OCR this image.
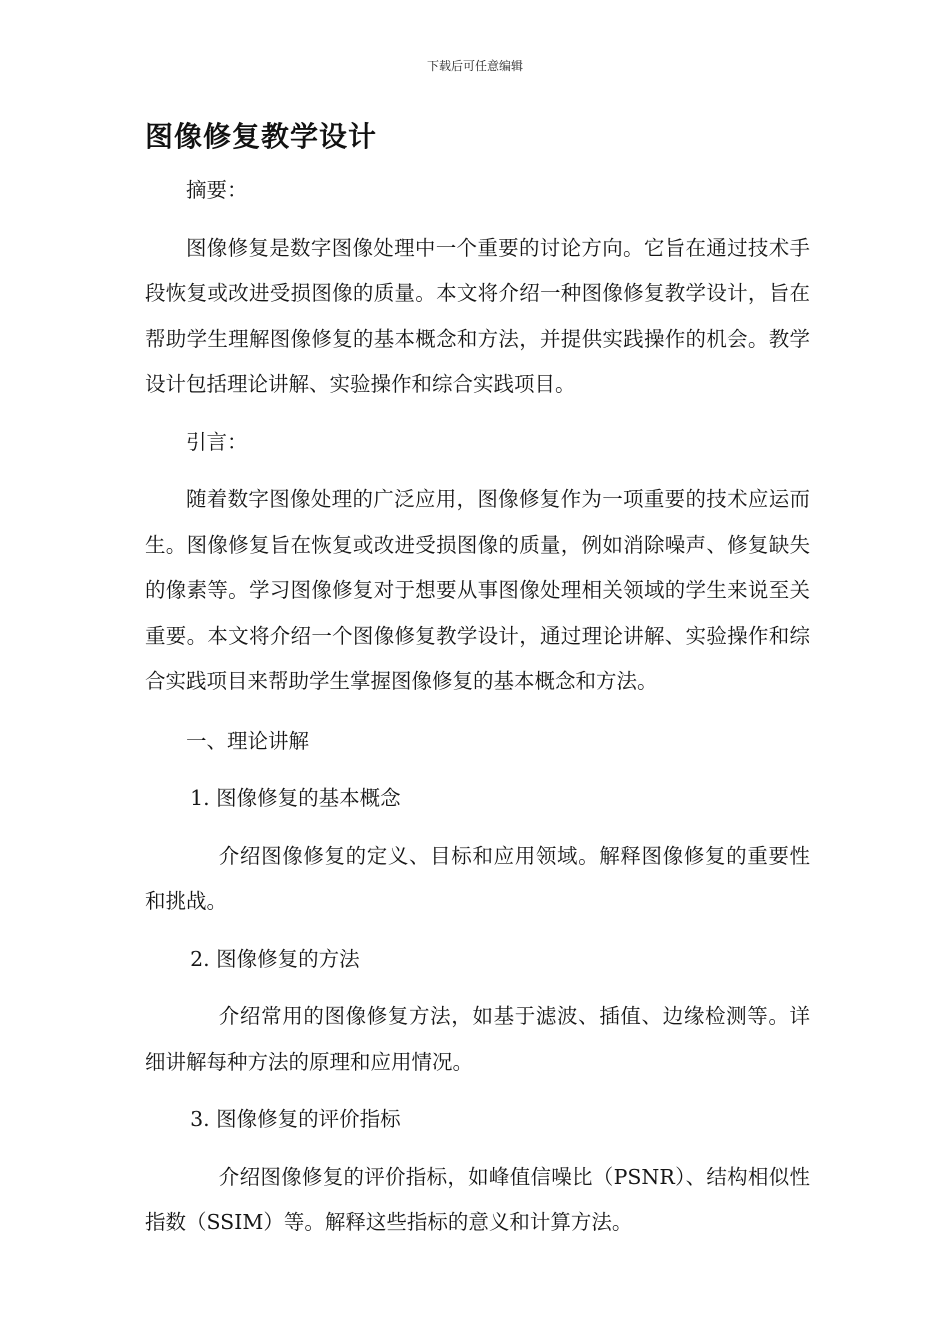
下载后可任意编辑
图像修复教学设计

摘要：

图像修复是数字图像处理中一个重要的讨论方向。它旨在通过技术手段恢复或改进受损图像的质量。本文将介绍一种图像修复教学设计，旨在帮助学生理解图像修复的基本概念和方法，并提供实践操作的机会。教学设计包括理论讲解、实验操作和综合实践项目。

引言：

随着数字图像处理的广泛应用，图像修复作为一项重要的技术应运而生。图像修复旨在恢复或改进受损图像的质量，例如消除噪声、修复缺失的像素等。学习图像修复对于想要从事图像处理相关领域的学生来说至关重要。本文将介绍一个图像修复教学设计，通过理论讲解、实验操作和综合实践项目来帮助学生掌握图像修复的基本概念和方法。

一、理论讲解

1. 图像修复的基本概念

介绍图像修复的定义、目标和应用领域。解释图像修复的重要性和挑战。

2. 图像修复的方法

介绍常用的图像修复方法，如基于滤波、插值、边缘检测等。详细讲解每种方法的原理和应用情况。

3. 图像修复的评价指标

介绍图像修复的评价指标，如峰值信噪比（PSNR）、结构相似性指数（SSIM）等。解释这些指标的意义和计算方法。
